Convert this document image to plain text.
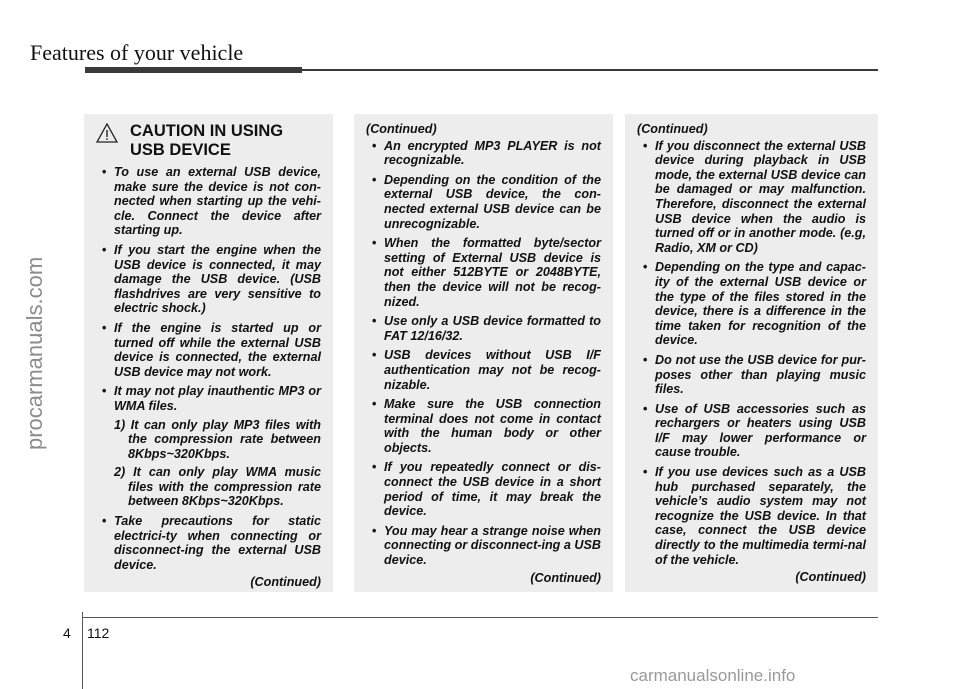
Features of your vehicle
procarmanuals.com
CAUTION IN USING USB DEVICE
• To use an external USB device, make sure the device is not con-nected when starting up the vehi-cle. Connect the device after starting up.
• If you start the engine when the USB device is connected, it may damage the USB device. (USB flashdrives are very sensitive to electric shock.)
• If the engine is started up or turned off while the external USB device is connected, the external USB device may not work.
• It may not play inauthentic MP3 or WMA files.
1) It can only play MP3 files with the compression rate between 8Kbps~320Kbps.
2) It can only play WMA music files with the compression rate between 8Kbps~320Kbps.
• Take precautions for static electrici-ty when connecting or disconnect-ing the external USB device.
(Continued)
(Continued)
• An encrypted MP3 PLAYER is not recognizable.
• Depending on the condition of the external USB device, the con-nected external USB device can be unrecognizable.
• When the formatted byte/sector setting of External USB device is not either 512BYTE or 2048BYTE, then the device will not be recog-nized.
• Use only a USB device formatted to FAT 12/16/32.
• USB devices without USB I/F authentication may not be recog-nizable.
• Make sure the USB connection terminal does not come in contact with the human body or other objects.
• If you repeatedly connect or dis-connect the USB device in a short period of time, it may break the device.
• You may hear a strange noise when connecting or disconnect-ing a USB device.
(Continued)
(Continued)
• If you disconnect the external USB device during playback in USB mode, the external USB device can be damaged or may malfunction. Therefore, disconnect the external USB device when the audio is turned off or in another mode. (e.g, Radio, XM or CD)
• Depending on the type and capac-ity of the external USB device or the type of the files stored in the device, there is a difference in the time taken for recognition of the device.
• Do not use the USB device for pur-poses other than playing music files.
• Use of USB accessories such as rechargers or heaters using USB I/F may lower performance or cause trouble.
• If you use devices such as a USB hub purchased separately, the vehicle’s audio system may not recognize the USB device. In that case, connect the USB device directly to the multimedia termi-nal of the vehicle.
(Continued)
4 112
carmanualsonline.info
